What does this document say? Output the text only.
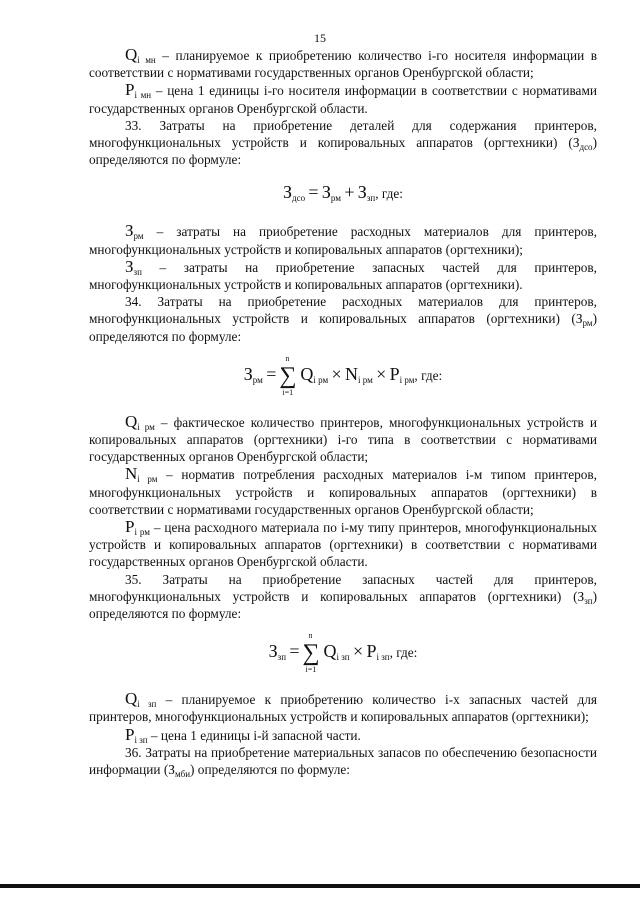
15

$Q_{i мн}$ – планируемое к приобретению количество i-го носителя информации в соответствии с нормативами государственных органов Оренбургской области;

$P_{i мн}$ – цена 1 единицы i-го носителя информации в соответствии с нормативами государственных органов Оренбургской области.

33. Затраты на приобретение деталей для содержания принтеров, многофункциональных устройств и копировальных аппаратов (оргтехники) $(З_{дсо})$ определяются по формуле:

$З_{дсо} = З_{рм} + З_{зп}$, где:

$З_{рм}$ – затраты на приобретение расходных материалов для принтеров, многофункциональных устройств и копировальных аппаратов (оргтехники);

$З_{зп}$ – затраты на приобретение запасных частей для принтеров, многофункциональных устройств и копировальных аппаратов (оргтехники).

34. Затраты на приобретение расходных материалов для принтеров, многофункциональных устройств и копировальных аппаратов (оргтехники) $(З_{рм})$ определяются по формуле:

$З_{рм}$ =
n
∑
i=1
$Q_{i рм} \times N_{i рм} \times P_{i рм}$, где:

$Q_{i рм}$ – фактическое количество принтеров, многофункциональных устройств и копировальных аппаратов (оргтехники) i-го типа в соответствии с нормативами государственных органов Оренбургской области;

$N_{i рм}$ – норматив потребления расходных материалов i-м типом принтеров, многофункциональных устройств и копировальных аппаратов (оргтехники) в соответствии с нормативами государственных органов Оренбургской области;

$P_{i рм}$ – цена расходного материала по i-му типу принтеров, многофункциональных устройств и копировальных аппаратов (оргтехники) в соответствии с нормативами государственных органов Оренбургской области.

35. Затраты на приобретение запасных частей для принтеров, многофункциональных устройств и копировальных аппаратов (оргтехники) $(З_{зп})$ определяются по формуле:

$З_{зп}$ =
n
∑
i=1
$Q_{i зп} \times P_{i зп}$, где:

$Q_{i зп}$ – планируемое к приобретению количество i-х запасных частей для принтеров, многофункциональных устройств и копировальных аппаратов (оргтехники);

$P_{i зп}$ – цена 1 единицы i-й запасной части.

36. Затраты на приобретение материальных запасов по обеспечению безопасности информации $(З_{мби})$ определяются по формуле:
